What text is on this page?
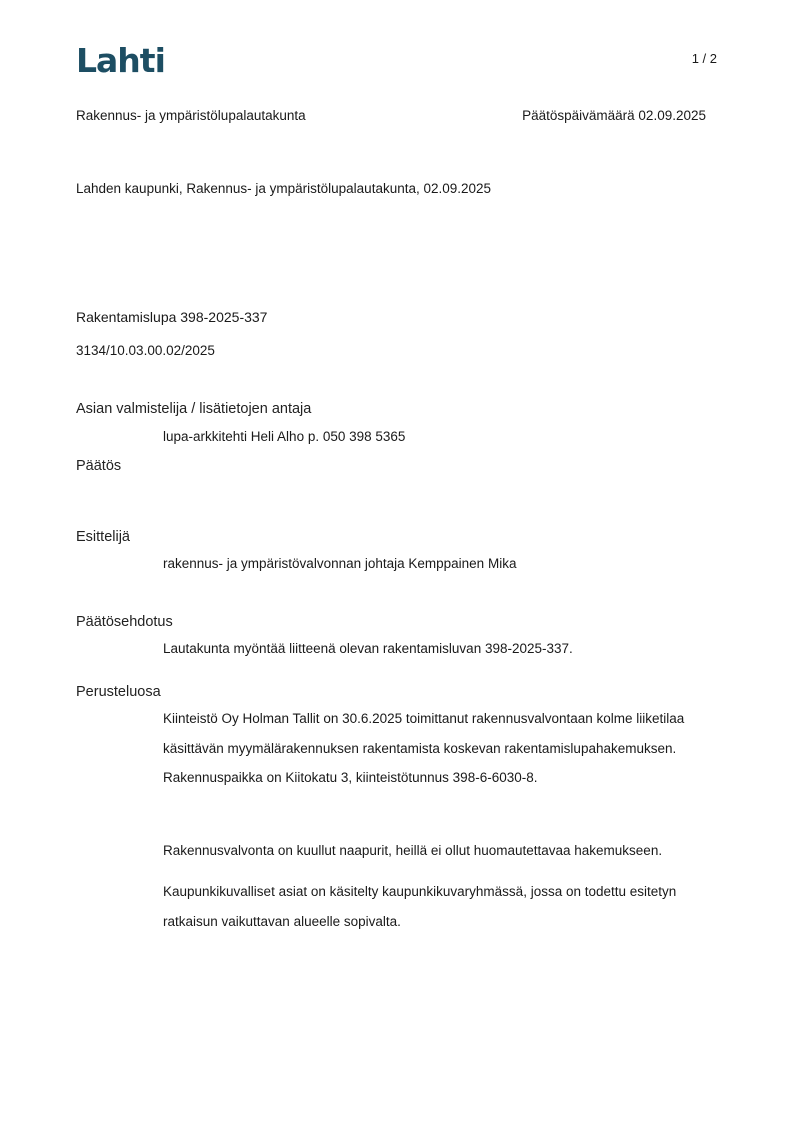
Lahti	1 / 2
Rakennus- ja ympäristölupalautakunta	Päätöspäivämäärä 02.09.2025
Lahden kaupunki, Rakennus- ja ympäristölupalautakunta, 02.09.2025
Rakentamislupa 398-2025-337
3134/10.03.00.02/2025
Asian valmistelija / lisätietojen antaja
lupa-arkkitehti Heli Alho p. 050 398 5365
Päätös
Esittelijä
rakennus- ja ympäristövalvonnan johtaja Kemppainen Mika
Päätösehdotus
Lautakunta myöntää liitteenä olevan rakentamisluvan 398-2025-337.
Perusteluosa
Kiinteistö Oy Holman Tallit on 30.6.2025 toimittanut rakennusvalvontaan kolme liiketilaa käsittävän myymälärakennuksen rakentamista koskevan rakentamislupahakemuksen. Rakennuspaikka on Kiitokatu 3, kiinteistötunnus 398-6-6030-8.
Rakennusvalvonta on kuullut naapurit, heillä ei ollut huomautettavaa hakemukseen.
Kaupunkikuvalliset asiat on käsitelty kaupunkikuvaryhmässä, jossa on todettu esitetyn ratkaisun vaikuttavan alueelle sopivalta.
